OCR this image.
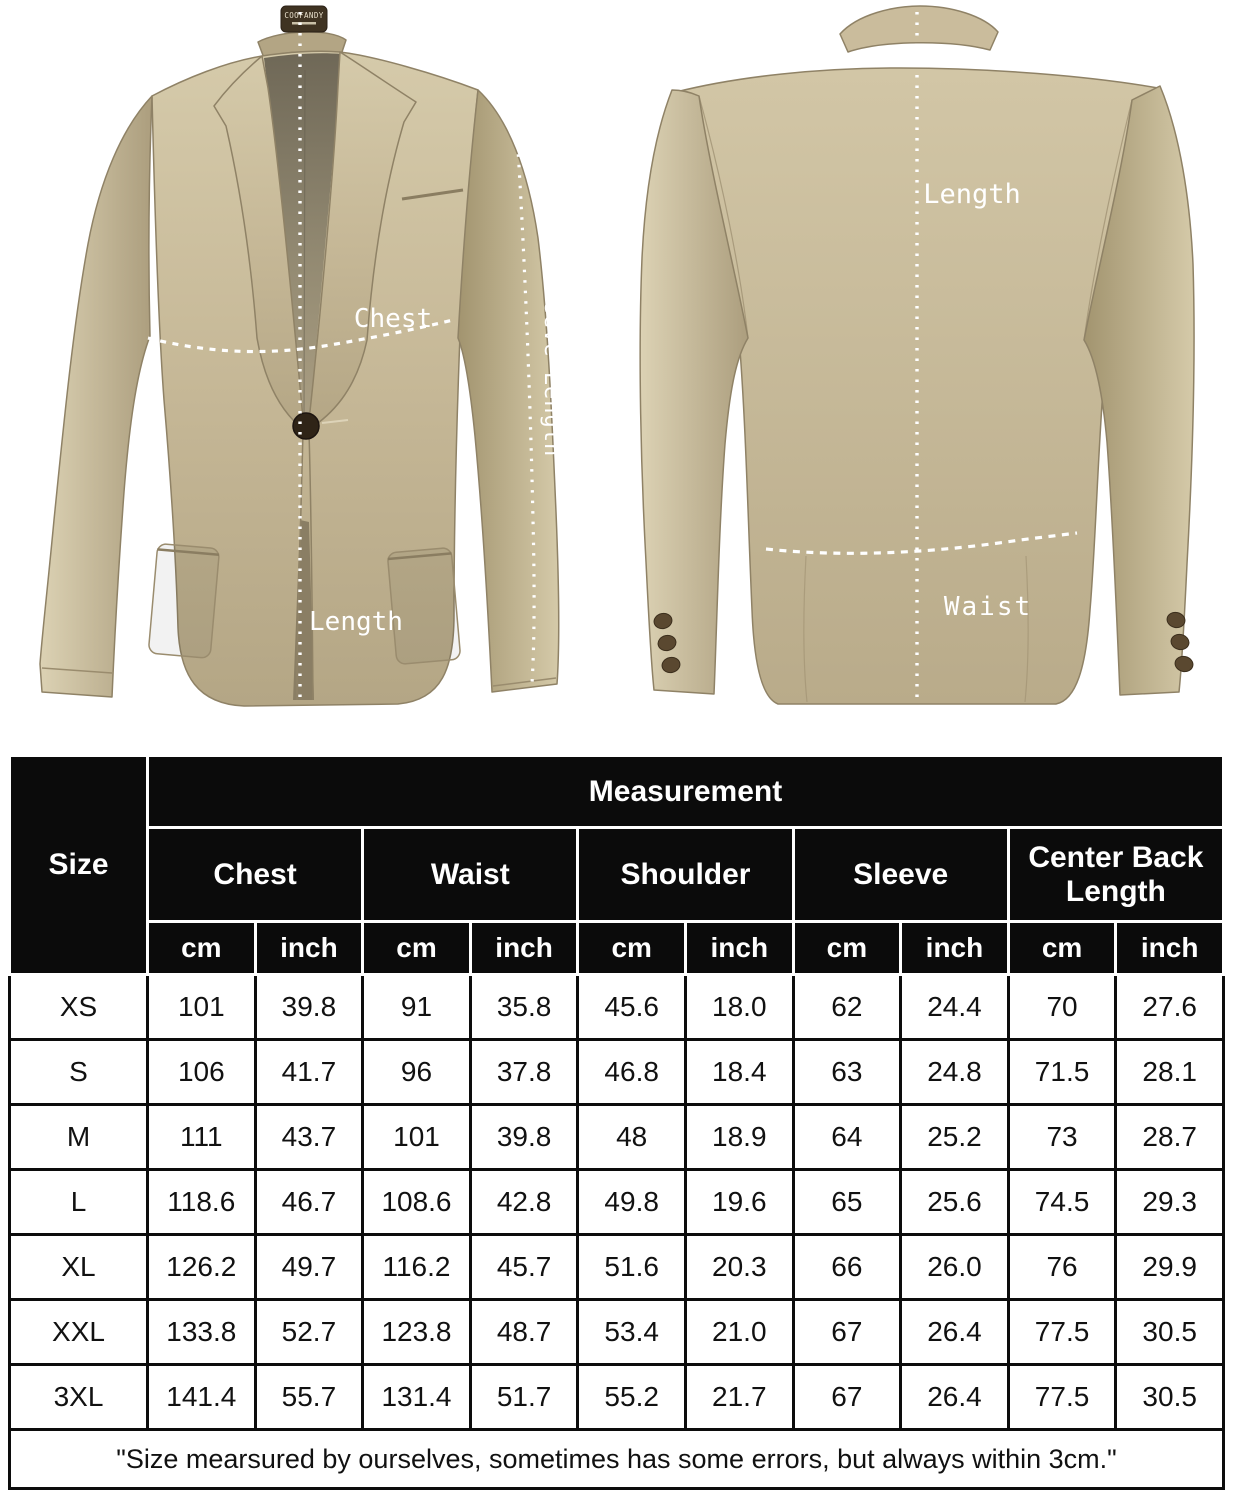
COOFANDY
Chest
Length
Sleeve Length
Length
Waist
Size	Measurement									
	Chest		Waist		Shoulder		Sleeve		Center Back Length	
	cm	inch	cm	inch	cm	inch	cm	inch	cm	inch
XS	101	39.8	91	35.8	45.6	18.0	62	24.4	70	27.6
S	106	41.7	96	37.8	46.8	18.4	63	24.8	71.5	28.1
M	111	43.7	101	39.8	48	18.9	64	25.2	73	28.7
L	118.6	46.7	108.6	42.8	49.8	19.6	65	25.6	74.5	29.3
XL	126.2	49.7	116.2	45.7	51.6	20.3	66	26.0	76	29.9
XXL	133.8	52.7	123.8	48.7	53.4	21.0	67	26.4	77.5	30.5
3XL	141.4	55.7	131.4	51.7	55.2	21.7	67	26.4	77.5	30.5
"Size mearsured by ourselves, sometimes has some errors, but always within 3cm."										
